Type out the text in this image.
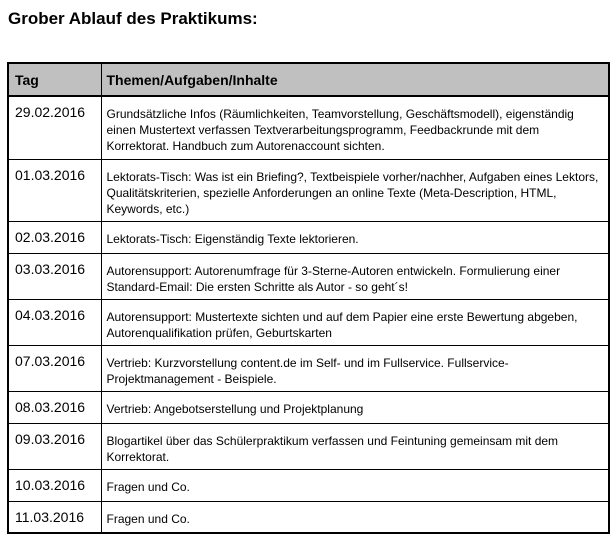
Grober Ablauf des Praktikums:
Tag	Themen/Aufgaben/Inhalte
29.02.2016	Grundsätzliche Infos (Räumlichkeiten, Teamvorstellung, Geschäftsmodell), eigenständig einen Mustertext verfassen Textverarbeitungsprogramm, Feedbackrunde mit dem Korrektorat. Handbuch zum Autorenaccount sichten.
01.03.2016	Lektorats-Tisch: Was ist ein Briefing?, Textbeispiele vorher/nachher, Aufgaben eines Lektors, Qualitätskriterien, spezielle Anforderungen an online Texte (Meta-Description, HTML, Keywords, etc.)
02.03.2016	Lektorats-Tisch: Eigenständig Texte lektorieren.
03.03.2016	Autorensupport: Autorenumfrage für 3-Sterne-Autoren entwickeln. Formulierung einer Standard-Email: Die ersten Schritte als Autor - so geht´s!
04.03.2016	Autorensupport: Mustertexte sichten und auf dem Papier eine erste Bewertung abgeben, Autorenqualifikation prüfen, Geburtskarten
07.03.2016	Vertrieb: Kurzvorstellung content.de im Self- und im Fullservice. Fullservice-Projektmanagement - Beispiele.
08.03.2016	Vertrieb: Angebotserstellung und Projektplanung
09.03.2016	Blogartikel über das Schülerpraktikum verfassen und Feintuning gemeinsam mit dem Korrektorat.
10.03.2016	Fragen und Co.
11.03.2016	Fragen und Co.
